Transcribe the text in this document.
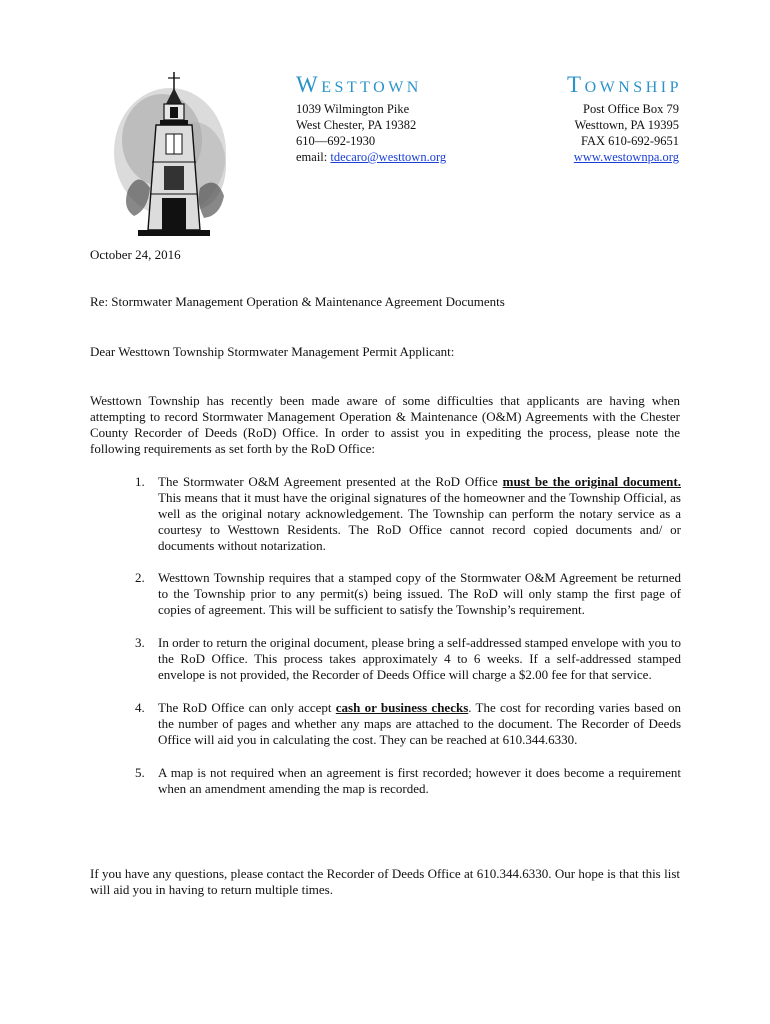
Westtown	Township
1039 Wilmington Pike
West Chester, PA 19382
610—692-1930
email: tdecaro@westtown.org
Post Office Box 79
Westtown, PA 19395
FAX 610-692-9651
www.westownpa.org
October 24, 2016
Re: Stormwater Management Operation & Maintenance Agreement Documents
Dear Westtown Township Stormwater Management Permit Applicant:
Westtown Township has recently been made aware of some difficulties that applicants are having when attempting to record Stormwater Management Operation & Maintenance (O&M) Agreements with the Chester County Recorder of Deeds (RoD) Office. In order to assist you in expediting the process, please note the following requirements as set forth by the RoD Office:
1. The Stormwater O&M Agreement presented at the RoD Office must be the original document. This means that it must have the original signatures of the homeowner and the Township Official, as well as the original notary acknowledgement. The Township can perform the notary service as a courtesy to Westtown Residents. The RoD Office cannot record copied documents and/ or documents without notarization.
2. Westtown Township requires that a stamped copy of the Stormwater O&M Agreement be returned to the Township prior to any permit(s) being issued. The RoD will only stamp the first page of copies of agreement. This will be sufficient to satisfy the Township’s requirement.
3. In order to return the original document, please bring a self-addressed stamped envelope with you to the RoD Office. This process takes approximately 4 to 6 weeks. If a self-addressed stamped envelope is not provided, the Recorder of Deeds Office will charge a $2.00 fee for that service.
4. The RoD Office can only accept cash or business checks. The cost for recording varies based on the number of pages and whether any maps are attached to the document. The Recorder of Deeds Office will aid you in calculating the cost. They can be reached at 610.344.6330.
5. A map is not required when an agreement is first recorded; however it does become a requirement when an amendment amending the map is recorded.
If you have any questions, please contact the Recorder of Deeds Office at 610.344.6330. Our hope is that this list will aid you in having to return multiple times.
